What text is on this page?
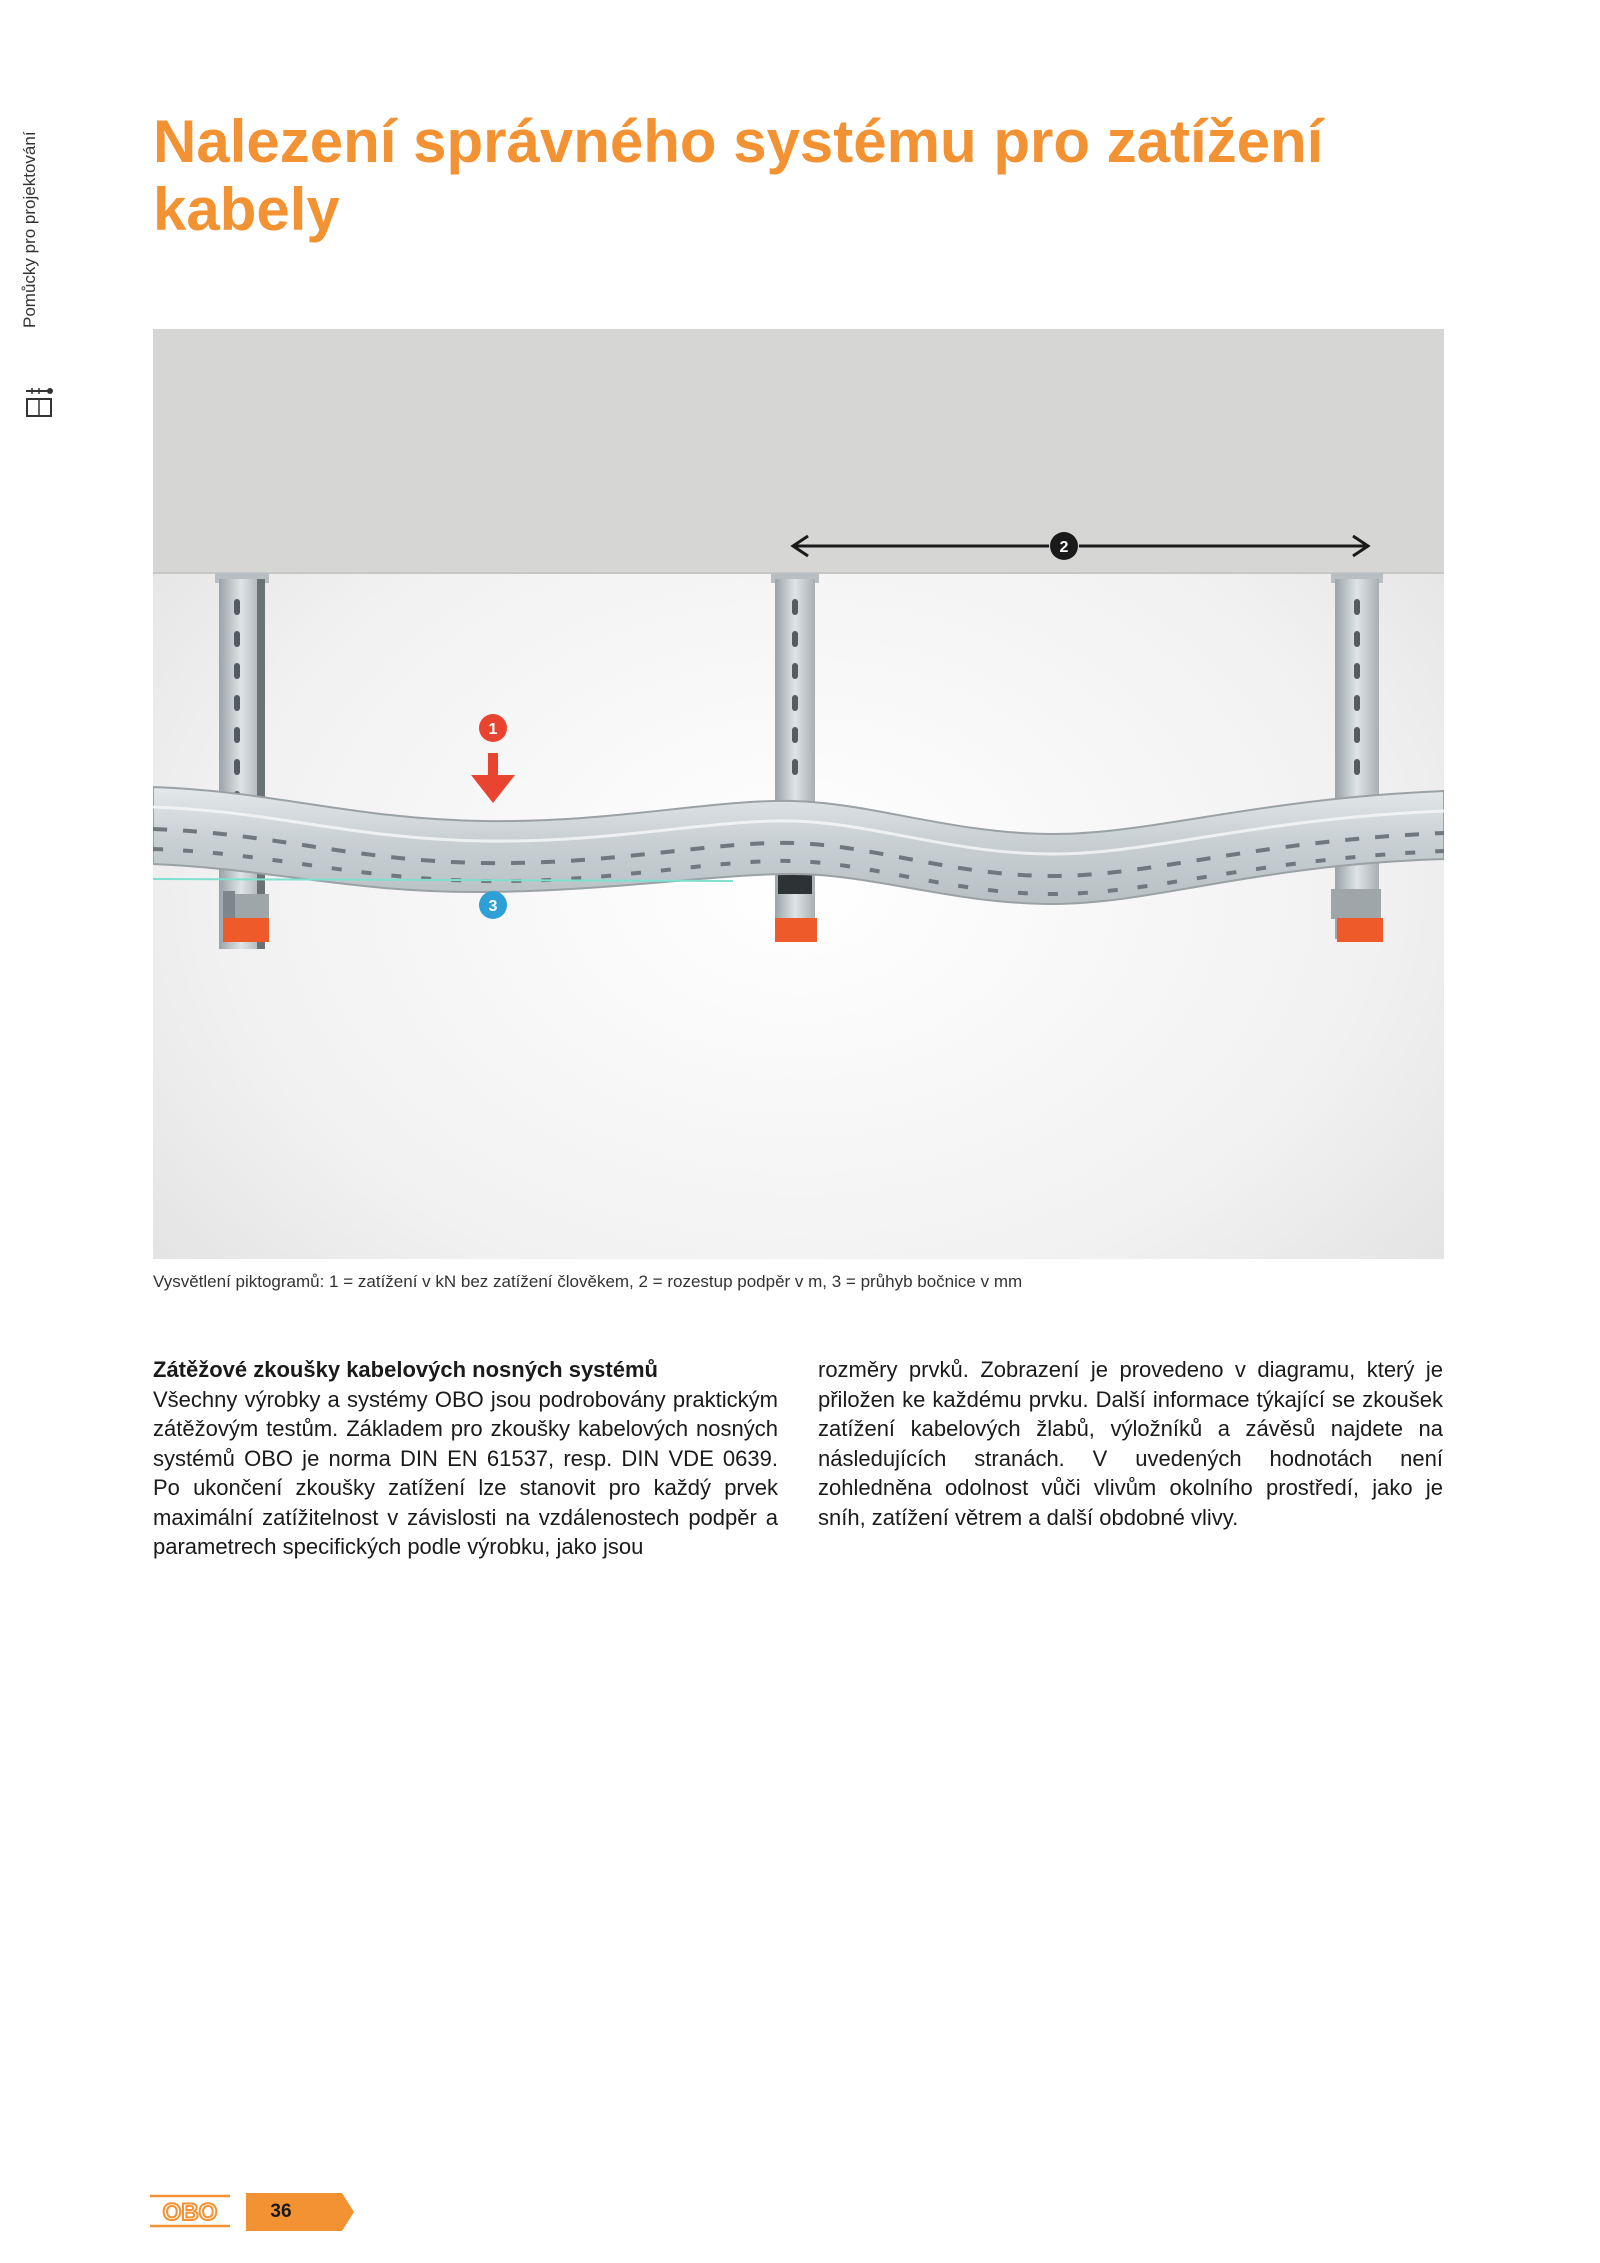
Pomůcky pro projektování Nalezení správného systému pro zatížení kabely
1
2
3
Vysvětlení piktogramů: 1 = zatížení v kN bez zatížení člověkem, 2 = rozestup podpěr v m, 3 = průhyb bočnice v mm
Zátěžové zkoušky kabelových nosných systémů

Všechny výrobky a systémy OBO jsou podrobovány praktickým zátěžovým testům. Základem pro zkoušky kabelových nosných systémů OBO je norma DIN EN 61537, resp. DIN VDE 0639. Po ukončení zkoušky zatížení lze stanovit pro každý prvek maximální zatížitelnost v závislosti na vzdálenostech podpěr a parametrech specifických podle výrobku, jako jsou

rozměry prvků. Zobrazení je provedeno v diagramu, který je přiložen ke každému prvku. Další informace týkající se zkoušek zatížení kabelových žlabů, výložníků a závěsů najdete na následujících stranách. V uvedených hodnotách není zohledněna odolnost vůči vlivům okolního prostředí, jako je sníh, zatížení větrem a další obdobné vlivy.

OBO	36
